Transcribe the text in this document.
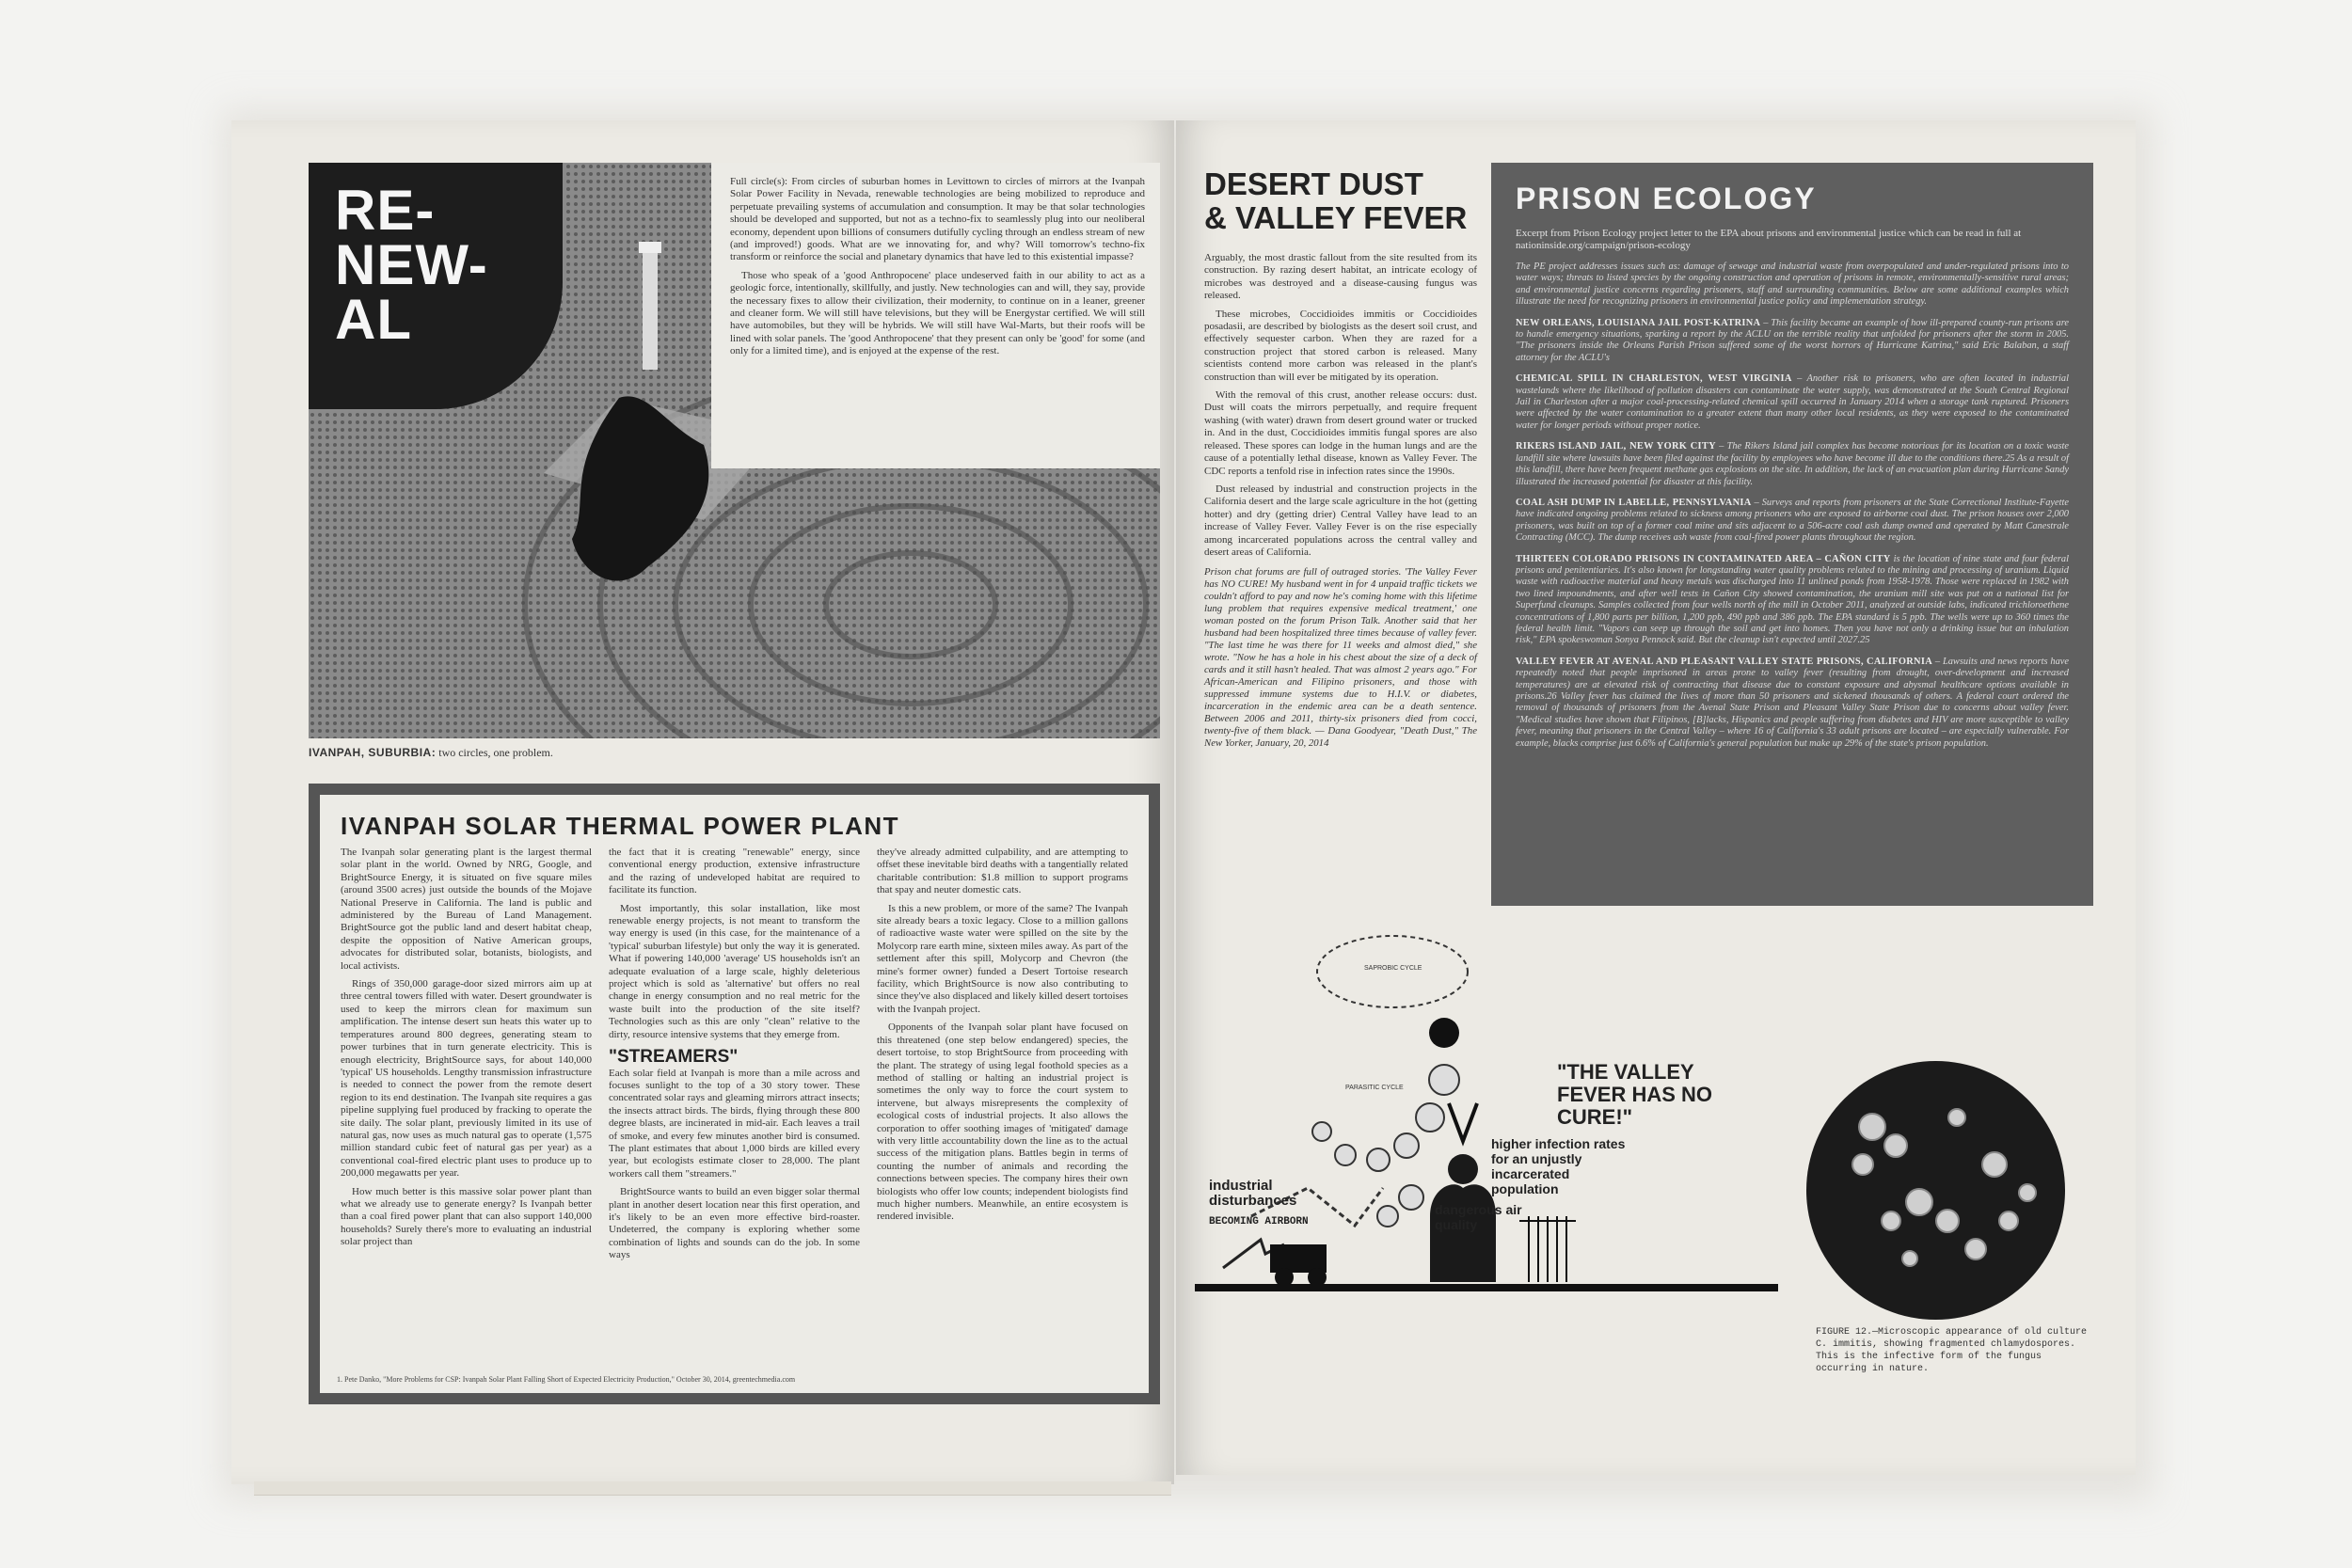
RE-
NEW-
AL

Full circle(s): From circles of suburban homes in Levittown to circles of mirrors at the Ivanpah Solar Power Facility in Nevada, renewable technologies are being mobilized to reproduce and perpetuate prevailing systems of accumulation and consumption. It may be that solar technologies should be developed and supported, but not as a techno-fix to seamlessly plug into our neoliberal economy, dependent upon billions of consumers dutifully cycling through an endless stream of new (and improved!) goods. What are we innovating for, and why? Will tomorrow's techno-fix transform or reinforce the social and planetary dynamics that have led to this existential impasse?

Those who speak of a 'good Anthropocene' place undeserved faith in our ability to act as a geologic force, intentionally, skillfully, and justly. New technologies can and will, they say, provide the necessary fixes to allow their civilization, their modernity, to continue on in a leaner, greener and cleaner form. We will still have televisions, but they will be Energystar certified. We will still have automobiles, but they will be hybrids. We will still have Wal-Marts, but their roofs will be lined with solar panels. The 'good Anthropocene' that they present can only be 'good' for some (and only for a limited time), and is enjoyed at the expense of the rest.

IVANPAH, SUBURBIA: two circles, one problem.
IVANPAH SOLAR THERMAL POWER PLANT

The Ivanpah solar generating plant is the largest thermal solar plant in the world. Owned by NRG, Google, and BrightSource Energy, it is situated on five square miles (around 3500 acres) just outside the bounds of the Mojave National Preserve in California. The land is public and administered by the Bureau of Land Management. BrightSource got the public land and desert habitat cheap, despite the opposition of Native American groups, advocates for distributed solar, botanists, biologists, and local activists.

Rings of 350,000 garage-door sized mirrors aim up at three central towers filled with water. Desert groundwater is used to keep the mirrors clean for maximum sun amplification. The intense desert sun heats this water up to temperatures around 800 degrees, generating steam to power turbines that in turn generate electricity. This is enough electricity, BrightSource says, for about 140,000 'typical' US households. Lengthy transmission infrastructure is needed to connect the power from the remote desert region to its end destination. The Ivanpah site requires a gas pipeline supplying fuel produced by fracking to operate the site daily. The solar plant, previously limited in its use of natural gas, now uses as much natural gas to operate (1,575 million standard cubic feet of natural gas per year) as a conventional coal-fired electric plant uses to produce up to 200,000 megawatts per year.

How much better is this massive solar power plant than what we already use to generate energy? Is Ivanpah better than a coal fired power plant that can also support 140,000 households? Surely there's more to evaluating an industrial solar project than

the fact that it is creating "renewable" energy, since conventional energy production, extensive infrastructure and the razing of undeveloped habitat are required to facilitate its function.

Most importantly, this solar installation, like most renewable energy projects, is not meant to transform the way energy is used (in this case, for the maintenance of a 'typical' suburban lifestyle) but only the way it is generated. What if powering 140,000 'average' US households isn't an adequate evaluation of a large scale, highly deleterious project which is sold as 'alternative' but offers no real change in energy consumption and no real metric for the waste built into the production of the site itself? Technologies such as this are only "clean" relative to the dirty, resource intensive systems that they emerge from.

"STREAMERS"

Each solar field at Ivanpah is more than a mile across and focuses sunlight to the top of a 30 story tower. These concentrated solar rays and gleaming mirrors attract insects; the insects attract birds. The birds, flying through these 800 degree blasts, are incinerated in mid-air. Each leaves a trail of smoke, and every few minutes another bird is consumed. The plant estimates that about 1,000 birds are killed every year, but ecologists estimate closer to 28,000. The plant workers call them "streamers."

BrightSource wants to build an even bigger solar thermal plant in another desert location near this first operation, and it's likely to be an even more effective bird-roaster. Undeterred, the company is exploring whether some combination of lights and sounds can do the job. In some ways

they've already admitted culpability, and are attempting to offset these inevitable bird deaths with a tangentially related charitable contribution: $1.8 million to support programs that spay and neuter domestic cats.

Is this a new problem, or more of the same? The Ivanpah site already bears a toxic legacy. Close to a million gallons of radioactive waste water were spilled on the site by the Molycorp rare earth mine, sixteen miles away. As part of the settlement after this spill, Molycorp and Chevron (the mine's former owner) funded a Desert Tortoise research facility, which BrightSource is now also contributing to since they've also displaced and likely killed desert tortoises with the Ivanpah project.

Opponents of the Ivanpah solar plant have focused on this threatened (one step below endangered) species, the desert tortoise, to stop BrightSource from proceeding with the plant. The strategy of using legal foothold species as a method of stalling or halting an industrial project is sometimes the only way to force the court system to intervene, but always misrepresents the complexity of ecological costs of industrial projects. It also allows the corporation to offer soothing images of 'mitigated' damage with very little accountability down the line as to the actual success of the mitigation plans. Battles begin in terms of counting the number of animals and recording the connections between species. The company hires their own biologists who offer low counts; independent biologists find much higher numbers. Meanwhile, an entire ecosystem is rendered invisible.

1. Pete Danko, "More Problems for CSP: Ivanpah Solar Plant Falling Short of Expected Electricity Production," October 30, 2014, greentechmedia.com
DESERT DUST
& VALLEY FEVER

Arguably, the most drastic fallout from the site resulted from its construction. By razing desert habitat, an intricate ecology of microbes was destroyed and a disease-causing fungus was released.

These microbes, Coccidioides immitis or Coccidioides posadasii, are described by biologists as the desert soil crust, and effectively sequester carbon. When they are razed for a construction project that stored carbon is released. Many scientists contend more carbon was released in the plant's construction than will ever be mitigated by its operation.

With the removal of this crust, another release occurs: dust. Dust will coats the mirrors perpetually, and require frequent washing (with water) drawn from desert ground water or trucked in. And in the dust, Coccidioides immitis fungal spores are also released. These spores can lodge in the human lungs and are the cause of a potentially lethal disease, known as Valley Fever. The CDC reports a tenfold rise in infection rates since the 1990s.

Dust released by industrial and construction projects in the California desert and the large scale agriculture in the hot (getting hotter) and dry (getting drier) Central Valley have lead to an increase of Valley Fever. Valley Fever is on the rise especially among incarcerated populations across the central valley and desert areas of California.

Prison chat forums are full of outraged stories. 'The Valley Fever has NO CURE! My husband went in for 4 unpaid traffic tickets we couldn't afford to pay and now he's coming home with this lifetime lung problem that requires expensive medical treatment,' one woman posted on the forum Prison Talk. Another said that her husband had been hospitalized three times because of valley fever. "The last time he was there for 11 weeks and almost died," she wrote. "Now he has a hole in his chest about the size of a deck of cards and it still hasn't healed. That was almost 2 years ago." For African-American and Filipino prisoners, and those with suppressed immune systems due to H.I.V. or diabetes, incarceration in the endemic area can be a death sentence. Between 2006 and 2011, thirty-six prisoners died from cocci, twenty-five of them black. — Dana Goodyear, "Death Dust," The New Yorker, January, 20, 2014
PRISON ECOLOGY
Excerpt from Prison Ecology project letter to the EPA about prisons and environmental justice which can be read in full at nationinside.org/campaign/prison-ecology

The PE project addresses issues such as: damage of sewage and industrial waste from overpopulated and under-regulated prisons into to water ways; threats to listed species by the ongoing construction and operation of prisons in remote, environmentally-sensitive rural areas; and environmental justice concerns regarding prisoners, staff and surrounding communities. Below are some additional examples which illustrate the need for recognizing prisoners in environmental justice policy and implementation strategy.

NEW ORLEANS, LOUISIANA JAIL POST-KATRINA – This facility became an example of how ill-prepared county-run prisons are to handle emergency situations, sparking a report by the ACLU on the terrible reality that unfolded for prisoners after the storm in 2005. "The prisoners inside the Orleans Parish Prison suffered some of the worst horrors of Hurricane Katrina," said Eric Balaban, a staff attorney for the ACLU's

CHEMICAL SPILL IN CHARLESTON, WEST VIRGINIA – Another risk to prisoners, who are often located in industrial wastelands where the likelihood of pollution disasters can contaminate the water supply, was demonstrated at the South Central Regional Jail in Charleston after a major coal-processing-related chemical spill occurred in January 2014 when a storage tank ruptured. Prisoners were affected by the water contamination to a greater extent than many other local residents, as they were exposed to the contaminated water for longer periods without proper notice.

RIKERS ISLAND JAIL, NEW YORK CITY – The Rikers Island jail complex has become notorious for its location on a toxic waste landfill site where lawsuits have been filed against the facility by employees who have become ill due to the conditions there.25 As a result of this landfill, there have been frequent methane gas explosions on the site. In addition, the lack of an evacuation plan during Hurricane Sandy illustrated the increased potential for disaster at this facility.

COAL ASH DUMP IN LABELLE, PENNSYLVANIA – Surveys and reports from prisoners at the State Correctional Institute-Fayette have indicated ongoing problems related to sickness among prisoners who are exposed to airborne coal dust. The prison houses over 2,000 prisoners, was built on top of a former coal mine and sits adjacent to a 506-acre coal ash dump owned and operated by Matt Canestrale Contracting (MCC). The dump receives ash waste from coal-fired power plants throughout the region.

THIRTEEN COLORADO PRISONS IN CONTAMINATED AREA – CAÑON CITY is the location of nine state and four federal prisons and penitentiaries. It's also known for longstanding water quality problems related to the mining and processing of uranium. Liquid waste with radioactive material and heavy metals was discharged into 11 unlined ponds from 1958-1978. Those were replaced in 1982 with two lined impoundments, and after well tests in Cañon City showed contamination, the uranium mill site was put on a national list for Superfund cleanups. Samples collected from four wells north of the mill in October 2011, analyzed at outside labs, indicated trichloroethene concentrations of 1,800 parts per billion, 1,200 ppb, 490 ppb and 386 ppb. The EPA standard is 5 ppb. The wells were up to 360 times the federal health limit. "Vapors can seep up through the soil and get into homes. Then you have not only a drinking issue but an inhalation risk," EPA spokeswoman Sonya Pennock said. But the cleanup isn't expected until 2027.25

VALLEY FEVER AT AVENAL AND PLEASANT VALLEY STATE PRISONS, CALIFORNIA – Lawsuits and news reports have repeatedly noted that people imprisoned in areas prone to valley fever (resulting from drought, over-development and increased temperatures) are at elevated risk of contracting that disease due to constant exposure and abysmal healthcare options available in prisons.26 Valley fever has claimed the lives of more than 50 prisoners and sickened thousands of others. A federal court ordered the removal of thousands of prisoners from the Avenal State Prison and Pleasant Valley State Prison due to concerns about valley fever. "Medical studies have shown that Filipinos, [B]lacks, Hispanics and people suffering from diabetes and HIV are more susceptible to valley fever, meaning that prisoners in the Central Valley – where 16 of California's 33 adult prisons are located – are especially vulnerable. For example, blacks comprise just 6.6% of California's general population but make up 29% of the state's prison population.

SAPROBIC CYCLE
PARASITIC CYCLE
"THE VALLEY FEVER HAS NO CURE!"
higher infection rates for an unjustly incarcerated population
industrial disturbances
BECOMING AIRBORN
dangerous air quality
FIGURE 12.—Microscopic appearance of old culture C. immitis, showing fragmented chlamydospores. This is the infective form of the fungus occurring in nature.
